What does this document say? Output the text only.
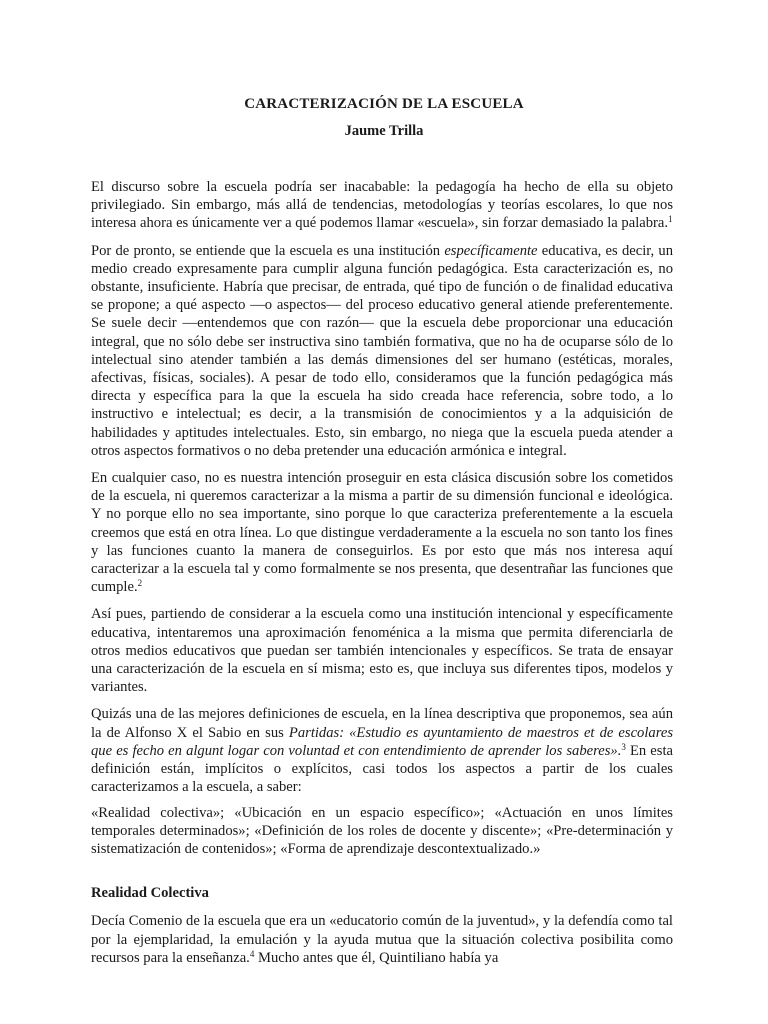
CARACTERIZACIÓN DE LA ESCUELA
Jaume Trilla

El discurso sobre la escuela podría ser inacabable: la pedagogía ha hecho de ella su objeto privilegiado. Sin embargo, más allá de tendencias, metodologías y teorías escolares, lo que nos interesa ahora es únicamente ver a qué podemos llamar «escuela», sin forzar demasiado la palabra.$^1$

Por de pronto, se entiende que la escuela es una institución específicamente educativa, es decir, un medio creado expresamente para cumplir alguna función pedagógica. Esta caracterización es, no obstante, insuficiente. Habría que precisar, de entrada, qué tipo de función o de finalidad educativa se propone; a qué aspecto —o aspectos— del proceso educativo general atiende preferentemente. Se suele decir —entendemos que con razón— que la escuela debe proporcionar una educación integral, que no sólo debe ser instructiva sino también formativa, que no ha de ocuparse sólo de lo intelectual sino atender también a las demás dimensiones del ser humano (estéticas, morales, afectivas, físicas, sociales). A pesar de todo ello, consideramos que la función pedagógica más directa y específica para la que la escuela ha sido creada hace referencia, sobre todo, a lo instructivo e intelectual; es decir, a la transmisión de conocimientos y a la adquisición de habilidades y aptitudes intelectuales. Esto, sin embargo, no niega que la escuela pueda atender a otros aspectos formativos o no deba pretender una educación armónica e integral.

En cualquier caso, no es nuestra intención proseguir en esta clásica discusión sobre los cometidos de la escuela, ni queremos caracterizar a la misma a partir de su dimensión funcional e ideológica. Y no porque ello no sea importante, sino porque lo que caracteriza preferentemente a la escuela creemos que está en otra línea. Lo que distingue verdaderamente a la escuela no son tanto los fines y las funciones cuanto la manera de conseguirlos. Es por esto que más nos interesa aquí caracterizar a la escuela tal y como formalmente se nos presenta, que desentrañar las funciones que cumple.$^2$

Así pues, partiendo de considerar a la escuela como una institución intencional y específicamente educativa, intentaremos una aproximación fenoménica a la misma que permita diferenciarla de otros medios educativos que puedan ser también intencionales y específicos. Se trata de ensayar una caracterización de la escuela en sí misma; esto es, que incluya sus diferentes tipos, modelos y variantes.

Quizás una de las mejores definiciones de escuela, en la línea descriptiva que proponemos, sea aún la de Alfonso X el Sabio en sus Partidas: «Estudio es ayuntamiento de maestros et de escolares que es fecho en algunt logar con voluntad et con entendimiento de aprender los saberes».$^3$ En esta definición están, implícitos o explícitos, casi todos los aspectos a partir de los cuales caracterizamos a la escuela, a saber:

«Realidad colectiva»; «Ubicación en un espacio específico»; «Actuación en unos límites temporales determinados»; «Definición de los roles de docente y discente»; «Pre-determinación y sistematización de contenidos»; «Forma de aprendizaje descontextualizado.»

Realidad Colectiva

Decía Comenio de la escuela que era un «educatorio común de la juventud», y la defendía como tal por la ejemplaridad, la emulación y la ayuda mutua que la situación colectiva posibilita como recursos para la enseñanza.$^4$ Mucho antes que él, Quintiliano había ya
